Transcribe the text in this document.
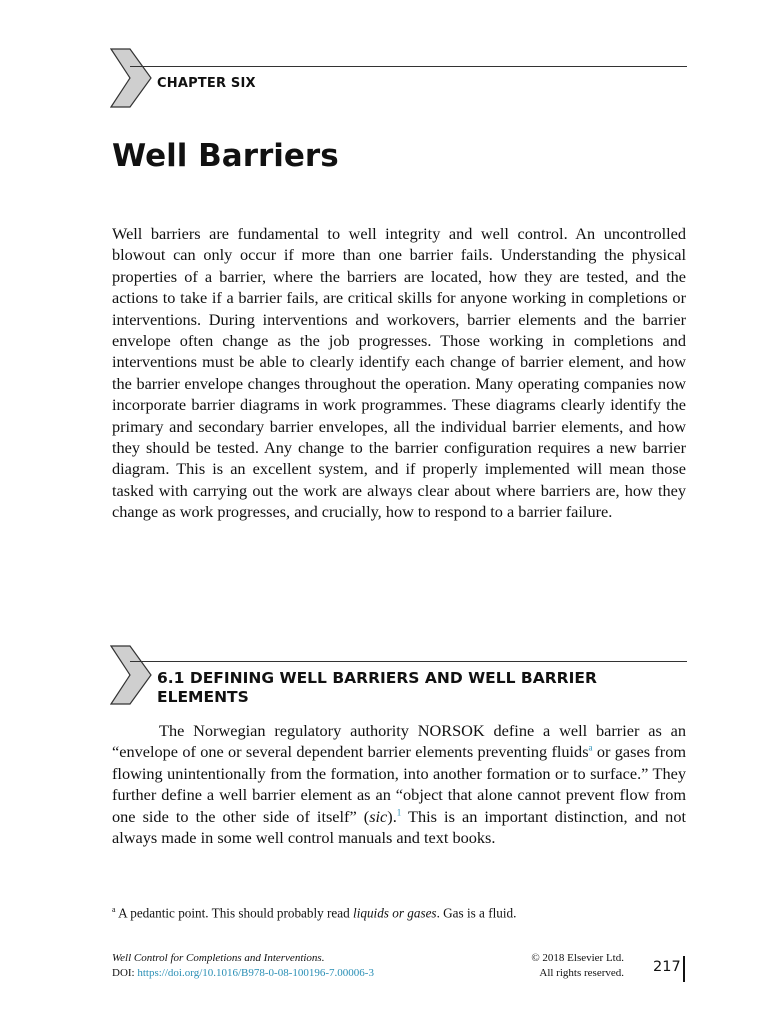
CHAPTER SIX
Well Barriers

Well barriers are fundamental to well integrity and well control. An uncontrolled blowout can only occur if more than one barrier fails. Understanding the physical properties of a barrier, where the barriers are located, how they are tested, and the actions to take if a barrier fails, are critical skills for anyone working in completions or interventions. During interventions and workovers, barrier elements and the barrier envelope often change as the job progresses. Those working in completions and interventions must be able to clearly identify each change of barrier element, and how the barrier envelope changes throughout the operation. Many operating companies now incorporate barrier diagrams in work programmes. These diagrams clearly identify the primary and secondary barrier envelopes, all the individual barrier elements, and how they should be tested. Any change to the barrier configuration requires a new barrier diagram. This is an excellent system, and if properly implemented will mean those tasked with carrying out the work are always clear about where barriers are, how they change as work progresses, and crucially, how to respond to a barrier failure.

6.1 DEFINING WELL BARRIERS AND WELL BARRIER ELEMENTS

The Norwegian regulatory authority NORSOK define a well barrier as an “envelope of one or several dependent barrier elements preventing fluids$^a$ or gases from flowing unintentionally from the formation, into another formation or to surface.” They further define a well barrier element as an “object that alone cannot prevent flow from one side to the other side of itself” (sic).$^1$ This is an important distinction, and not always made in some well control manuals and text books.

$^a$ A pedantic point. This should probably read liquids or gases. Gas is a fluid.
Well Control for Completions and Interventions.
DOI: https://doi.org/10.1016/B978-0-08-100196-7.00006-3
© 2018 Elsevier Ltd.
All rights reserved. 217
